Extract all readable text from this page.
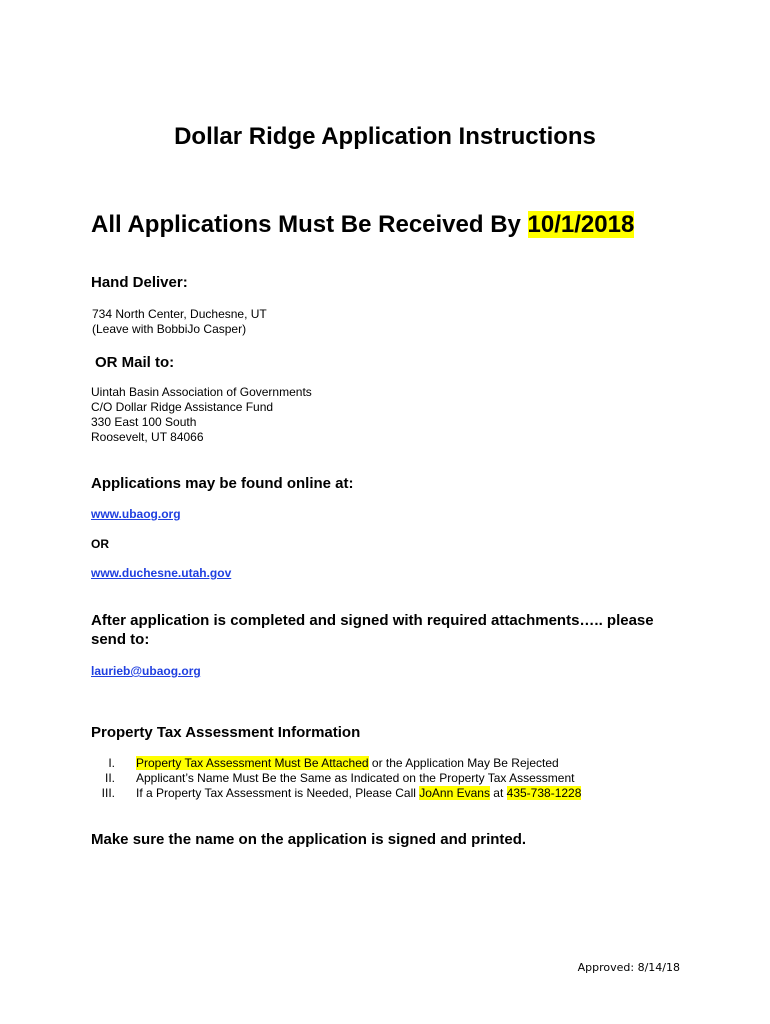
Dollar Ridge Application Instructions
All Applications Must Be Received By 10/1/2018
Hand Deliver:
734 North Center, Duchesne, UT
(Leave with BobbiJo Casper)
OR Mail to:
Uintah Basin Association of Governments
C/O Dollar Ridge Assistance Fund
330 East 100 South
Roosevelt, UT 84066
Applications may be found online at:
www.ubaog.org
OR
www.duchesne.utah.gov
After application is completed and signed with required attachments….. please
send to:
laurieb@ubaog.org
Property Tax Assessment Information
I. Property Tax Assessment Must Be Attached or the Application May Be Rejected
II. Applicant’s Name Must Be the Same as Indicated on the Property Tax Assessment
III. If a Property Tax Assessment is Needed, Please Call JoAnn Evans at 435-738-1228
Make sure the name on the application is signed and printed.
Approved: 8/14/18
